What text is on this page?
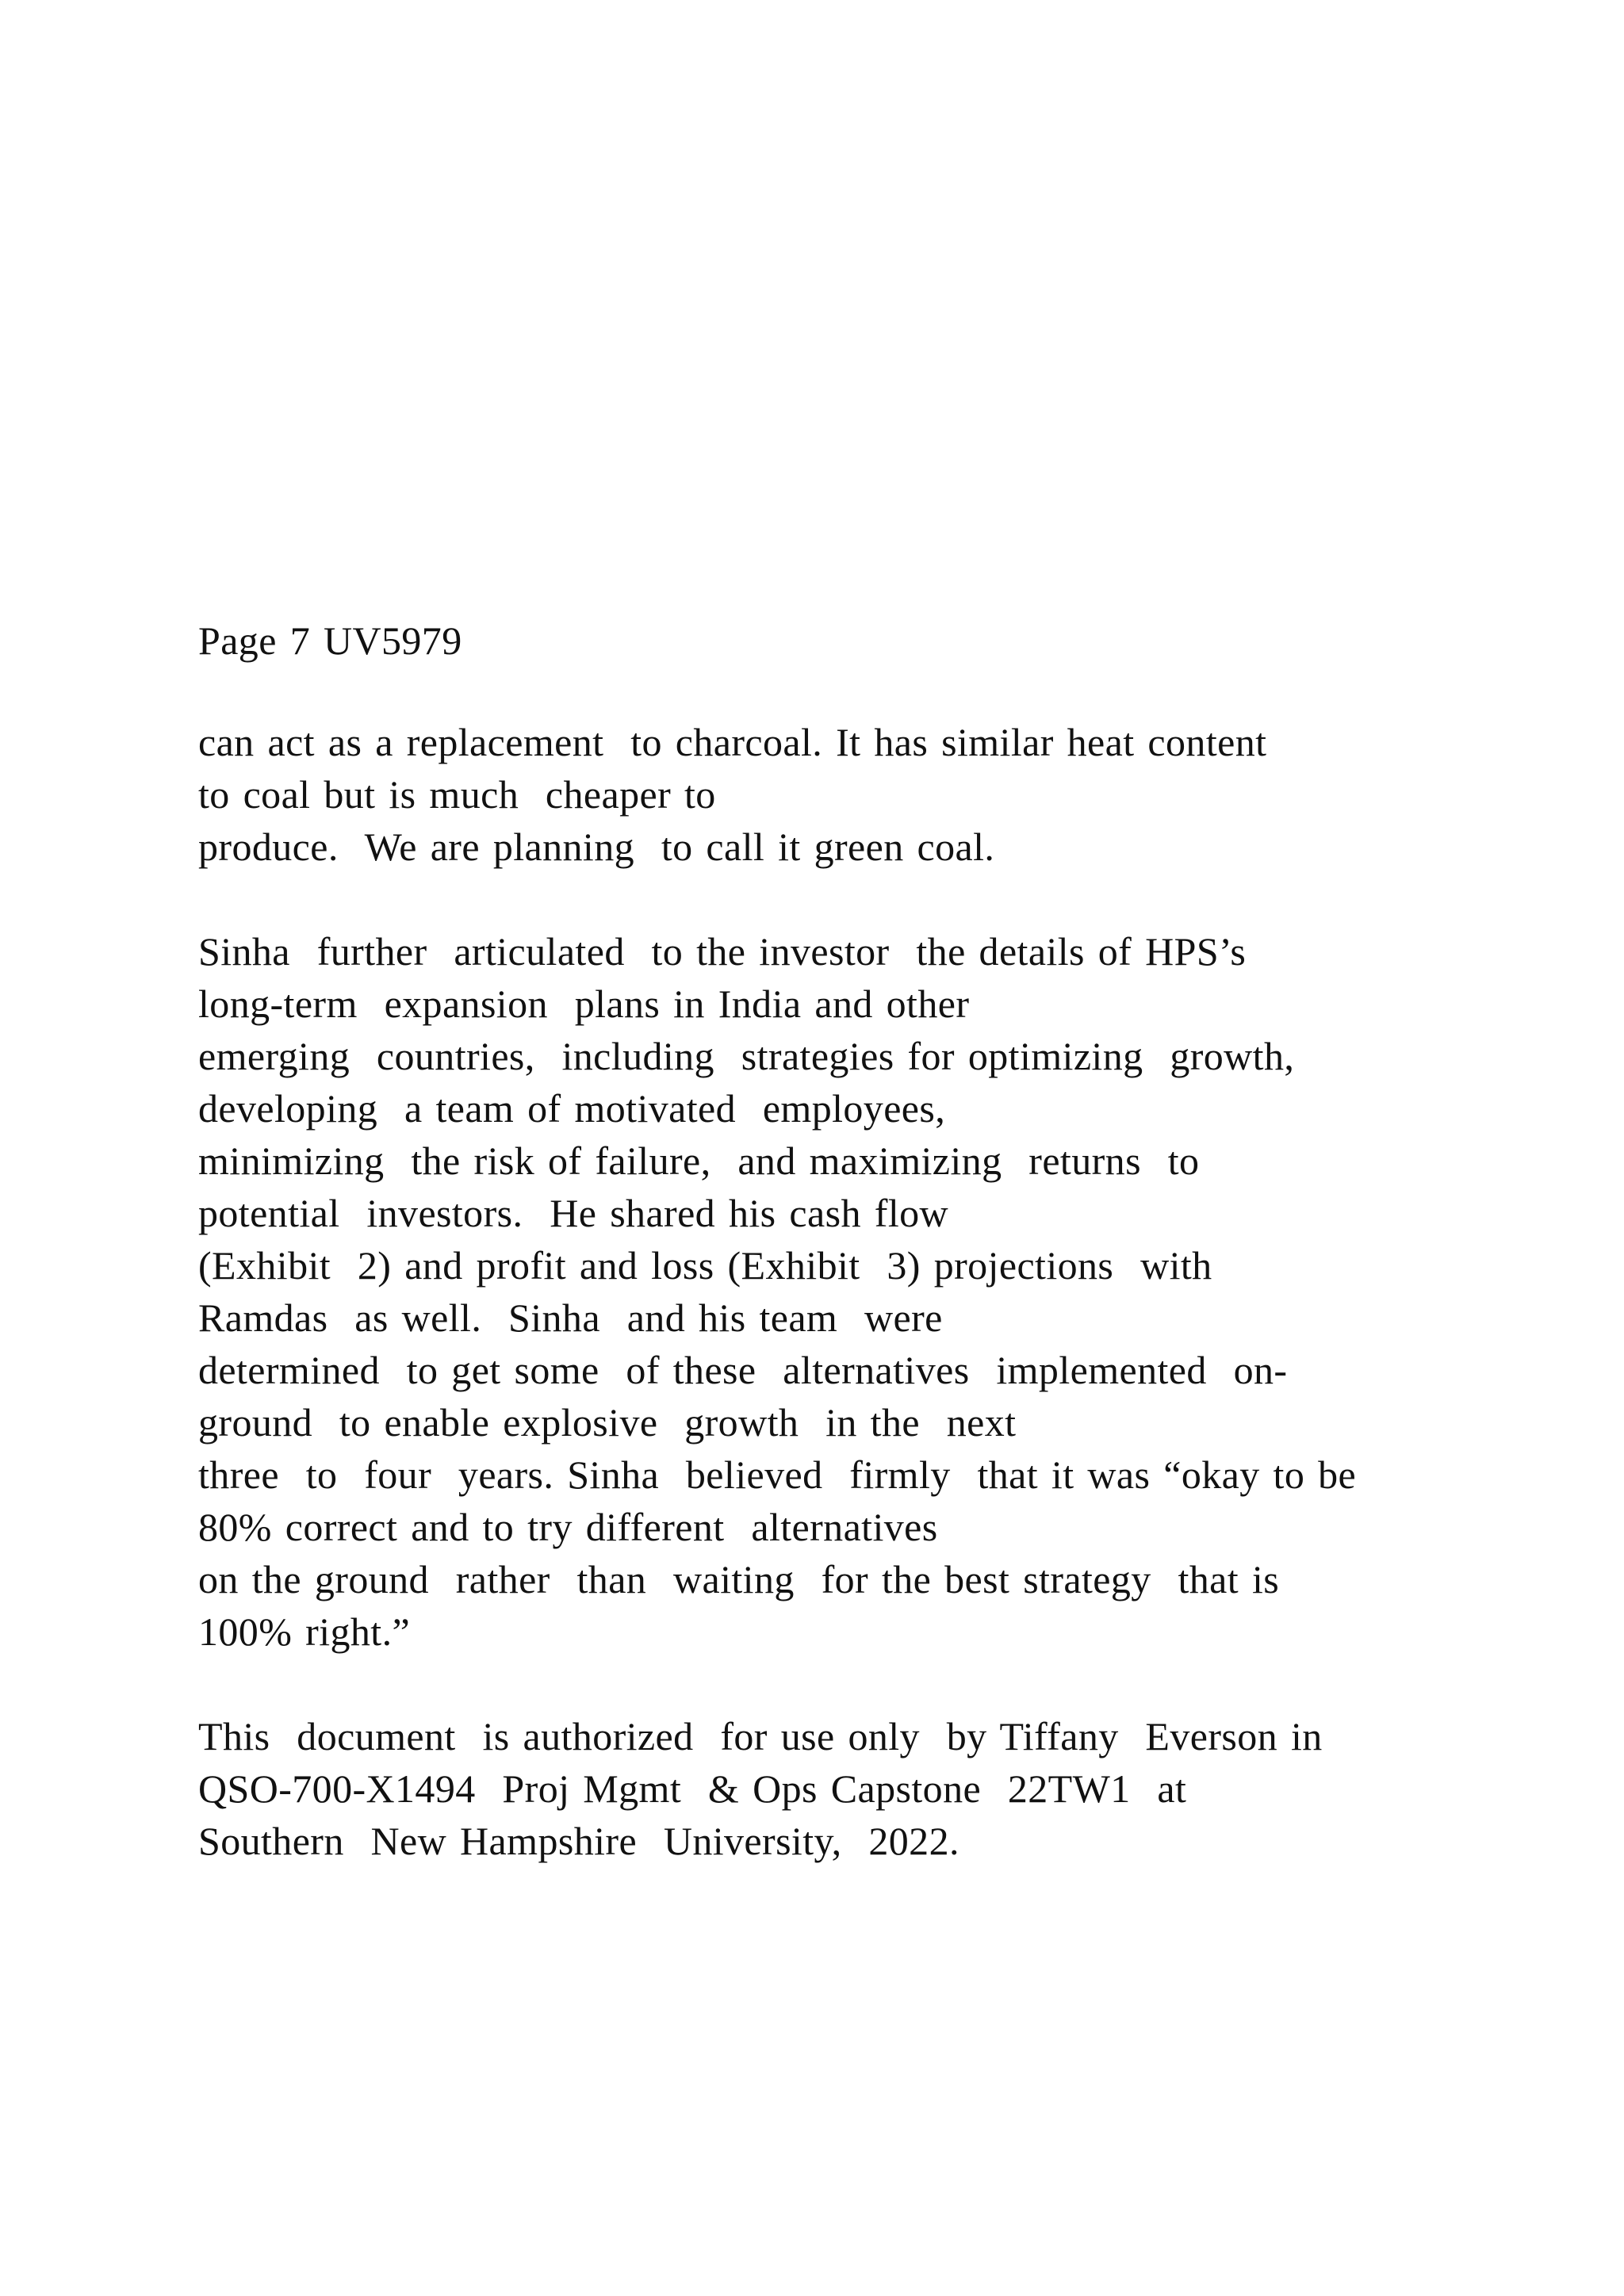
Page 7 UV5979
can act as a replacement  to charcoal. It has similar heat content
to coal but is much  cheaper to
produce.  We are planning  to call it green coal.
Sinha  further  articulated  to the investor  the details of HPS’s
long-term  expansion  plans in India and other
emerging  countries,  including  strategies for optimizing  growth,
developing  a team of motivated  employees,
minimizing  the risk of failure,  and maximizing  returns  to
potential  investors.  He shared his cash flow
(Exhibit  2) and profit and loss (Exhibit  3) projections  with
Ramdas  as well.  Sinha  and his team  were
determined  to get some  of these  alternatives  implemented  on-
ground  to enable explosive  growth  in the  next
three  to  four  years. Sinha  believed  firmly  that it was “okay to be
80% correct and to try different  alternatives
on the ground  rather  than  waiting  for the best strategy  that is
100% right.”
This  document  is authorized  for use only  by Tiffany  Everson in
QSO-700-X1494  Proj Mgmt  & Ops Capstone  22TW1  at
Southern  New Hampshire  University,  2022.
